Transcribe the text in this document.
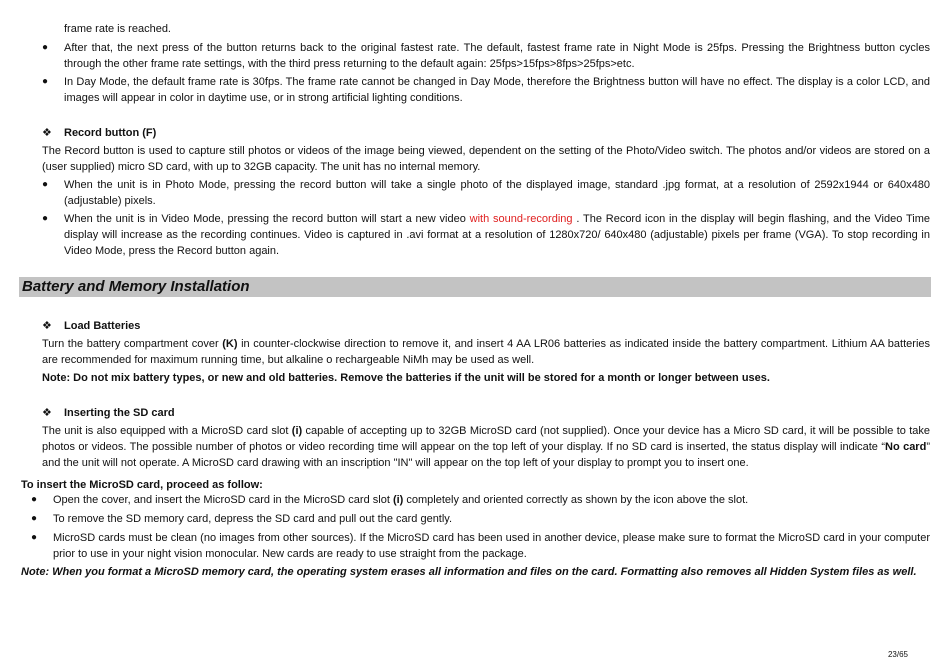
frame rate is reached.
● After that, the next press of the button returns back to the original fastest rate. The default, fastest frame rate in Night Mode is 25fps. Pressing the Brightness button cycles through the other frame rate settings, with the third press returning to the default again: 25fps>15fps>8fps>25fps>etc.
● In Day Mode, the default frame rate is 30fps. The frame rate cannot be changed in Day Mode, therefore the Brightness button will have no effect. The display is a color LCD, and images will appear in color in daytime use, or in strong artificial lighting conditions.
❖ Record button (F)
The Record button is used to capture still photos or videos of the image being viewed, dependent on the setting of the Photo/Video switch. The photos and/or videos are stored on a (user supplied) micro SD card, with up to 32GB capacity. The unit has no internal memory.
● When the unit is in Photo Mode, pressing the record button will take a single photo of the displayed image, standard .jpg format, at a resolution of 2592x1944 or 640x480 (adjustable) pixels.
● When the unit is in Video Mode, pressing the record button will start a new video with sound-recording . The Record icon in the display will begin flashing, and the Video Time display will increase as the recording continues. Video is captured in .avi format at a resolution of 1280x720/ 640x480 (adjustable) pixels per frame (VGA). To stop recording in Video Mode, press the Record button again.
Battery and Memory Installation
❖ Load Batteries
Turn the battery compartment cover (K) in counter-clockwise direction to remove it, and insert 4 AA LR06 batteries as indicated inside the battery compartment. Lithium AA batteries are recommended for maximum running time, but alkaline o rechargeable NiMh may be used as well.
Note: Do not mix battery types, or new and old batteries. Remove the batteries if the unit will be stored for a month or longer between uses.
❖ Inserting the SD card
The unit is also equipped with a MicroSD card slot (i) capable of accepting up to 32GB MicroSD card (not supplied). Once your device has a Micro SD card, it will be possible to take photos or videos. The possible number of photos or video recording time will appear on the top left of your display. If no SD card is inserted, the status display will indicate “No card” and the unit will not operate. A MicroSD card drawing with an inscription "IN" will appear on the top left of your display to prompt you to insert one.
To insert the MicroSD card, proceed as follow:
● Open the cover, and insert the MicroSD card in the MicroSD card slot (i) completely and oriented correctly as shown by the icon above the slot.
● To remove the SD memory card, depress the SD card and pull out the card gently.
● MicroSD cards must be clean (no images from other sources). If the MicroSD card has been used in another device, please make sure to format the MicroSD card in your computer prior to use in your night vision monocular. New cards are ready to use straight from the package.
Note: When you format a MicroSD memory card, the operating system erases all information and files on the card. Formatting also removes all Hidden System files as well.
23/65
